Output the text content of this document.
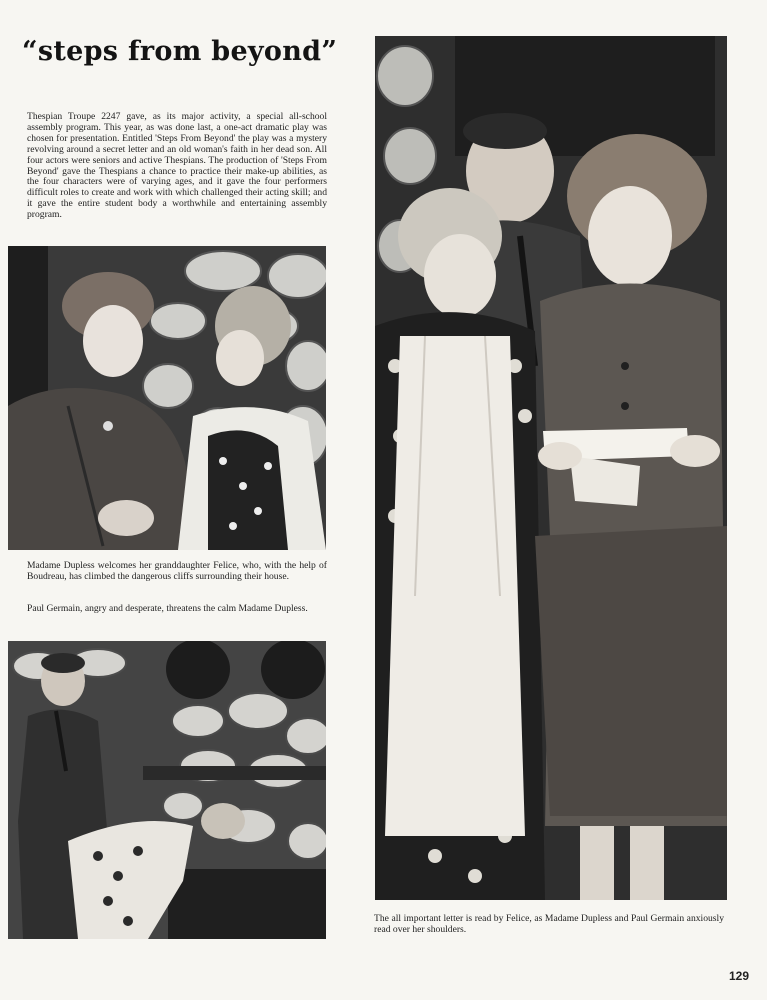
“steps from beyond”

Thespian Troupe 2247 gave, as its major activity, a special all-school assembly program. This year, as was done last, a one-act dramatic play was chosen for presentation. Entitled 'Steps From Beyond' the play was a mystery revolving around a secret letter and an old woman's faith in her dead son. All four actors were seniors and active Thespians. The production of 'Steps From Beyond' gave the Thespians a chance to practice their make-up abilities, as the four characters were of varying ages, and it gave the four performers difficult roles to create and work with which challenged their acting skill; and it gave the entire student body a worthwhile and entertaining assembly program.

Madame Dupless welcomes her granddaughter Felice, who, with the help of Boudreau, has climbed the dangerous cliffs surrounding their house.

Paul Germain, angry and desperate, threatens the calm Madame Dupless.

The all important letter is read by Felice, as Madame Dupless and Paul Germain anxiously read over her shoulders.

129
